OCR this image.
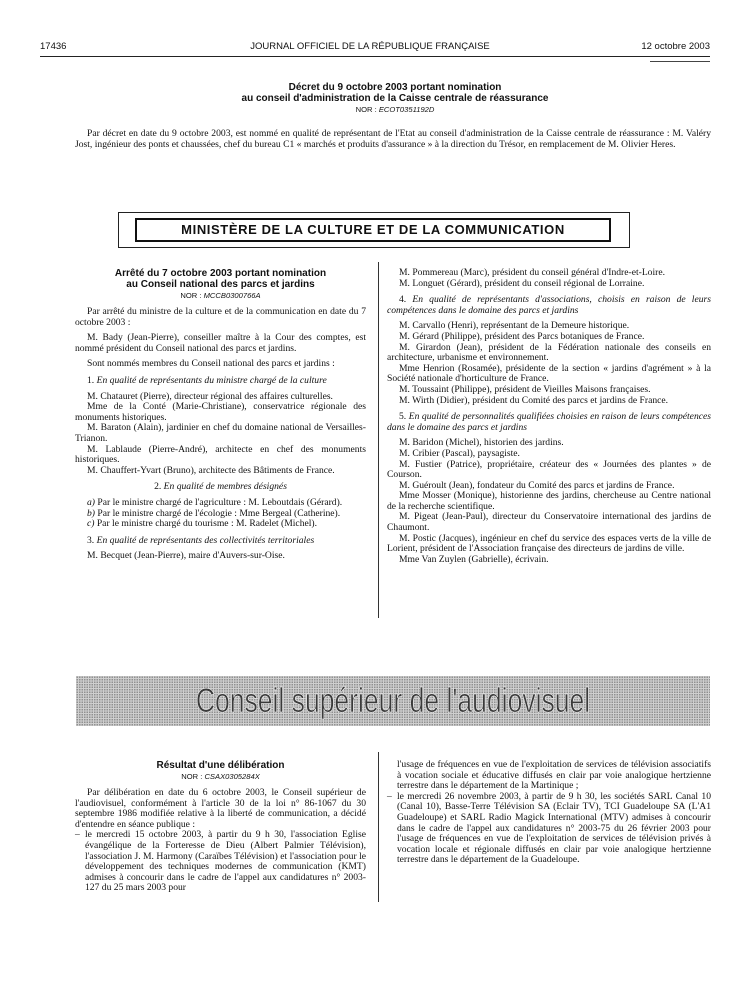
17436	JOURNAL OFFICIEL DE LA RÉPUBLIQUE FRANÇAISE	12 octobre 2003
Décret du 9 octobre 2003 portant nomination
au conseil d'administration de la Caisse centrale de réassurance
NOR : ECOT0351192D

Par décret en date du 9 octobre 2003, est nommé en qualité de représentant de l'Etat au conseil d'administration de la Caisse centrale de réassurance : M. Valéry Jost, ingénieur des ponts et chaussées, chef du bureau C1 « marchés et produits d'assurance » à la direction du Trésor, en remplacement de M. Olivier Heres.

MINISTÈRE DE LA CULTURE ET DE LA COMMUNICATION
Arrêté du 7 octobre 2003 portant nomination
au Conseil national des parcs et jardins
NOR : MCCB0300766A

Par arrêté du ministre de la culture et de la communication en date du 7 octobre 2003 :

M. Bady (Jean-Pierre), conseiller maître à la Cour des comptes, est nommé président du Conseil national des parcs et jardins.

Sont nommés membres du Conseil national des parcs et jardins :

1. En qualité de représentants du ministre chargé de la culture

M. Chatauret (Pierre), directeur régional des affaires culturelles.

Mme de la Conté (Marie-Christiane), conservatrice régionale des monuments historiques.

M. Baraton (Alain), jardinier en chef du domaine national de Versailles-Trianon.

M. Lablaude (Pierre-André), architecte en chef des monuments historiques.

M. Chauffert-Yvart (Bruno), architecte des Bâtiments de France.

2. En qualité de membres désignés

a) Par le ministre chargé de l'agriculture : M. Leboutdais (Gérard).

b) Par le ministre chargé de l'écologie : Mme Bergeal (Catherine).

c) Par le ministre chargé du tourisme : M. Radelet (Michel).

3. En qualité de représentants des collectivités territoriales

M. Becquet (Jean-Pierre), maire d'Auvers-sur-Oise.

M. Pommereau (Marc), président du conseil général d'Indre-et-Loire.

M. Longuet (Gérard), président du conseil régional de Lorraine.

4. En qualité de représentants d'associations, choisis en raison de leurs compétences dans le domaine des parcs et jardins

M. Carvallo (Henri), représentant de la Demeure historique.

M. Gérard (Philippe), président des Parcs botaniques de France.

M. Girardon (Jean), président de la Fédération nationale des conseils en architecture, urbanisme et environnement.

Mme Henrion (Rosamée), présidente de la section « jardins d'agrément » à la Société nationale d'horticulture de France.

M. Toussaint (Philippe), président de Vieilles Maisons françaises.

M. Wirth (Didier), président du Comité des parcs et jardins de France.

5. En qualité de personnalités qualifiées choisies en raison de leurs compétences dans le domaine des parcs et jardins

M. Baridon (Michel), historien des jardins.

M. Cribier (Pascal), paysagiste.

M. Fustier (Patrice), propriétaire, créateur des « Journées des plantes » de Courson.

M. Guéroult (Jean), fondateur du Comité des parcs et jardins de France.

Mme Mosser (Monique), historienne des jardins, chercheuse au Centre national de la recherche scientifique.

M. Pigeat (Jean-Paul), directeur du Conservatoire international des jardins de Chaumont.

M. Postic (Jacques), ingénieur en chef du service des espaces verts de la ville de Lorient, président de l'Association française des directeurs de jardins de ville.

Mme Van Zuylen (Gabrielle), écrivain.

Conseil supérieur de l'audiovisuel
Résultat d'une délibération
NOR : CSAX0305284X

Par délibération en date du 6 octobre 2003, le Conseil supérieur de l'audiovisuel, conformément à l'article 30 de la loi n° 86-1067 du 30 septembre 1986 modifiée relative à la liberté de communication, a décidé d'entendre en séance publique :

– le mercredi 15 octobre 2003, à partir du 9 h 30, l'association Eglise évangélique de la Forteresse de Dieu (Albert Palmier Télévision), l'association J. M. Harmony (Caraïbes Télévision) et l'association pour le développement des techniques modernes de communication (KMT) admises à concourir dans le cadre de l'appel aux candidatures n° 2003-127 du 25 mars 2003 pour

l'usage de fréquences en vue de l'exploitation de services de télévision associatifs à vocation sociale et éducative diffusés en clair par voie analogique hertzienne terrestre dans le département de la Martinique ;

– le mercredi 26 novembre 2003, à partir de 9 h 30, les sociétés SARL Canal 10 (Canal 10), Basse-Terre Télévision SA (Eclair TV), TCI Guadeloupe SA (L'A1 Guadeloupe) et SARL Radio Magick International (MTV) admises à concourir dans le cadre de l'appel aux candidatures n° 2003-75 du 26 février 2003 pour l'usage de fréquences en vue de l'exploitation de services de télévision privés à vocation locale et régionale diffusés en clair par voie analogique hertzienne terrestre dans le département de la Guadeloupe.
